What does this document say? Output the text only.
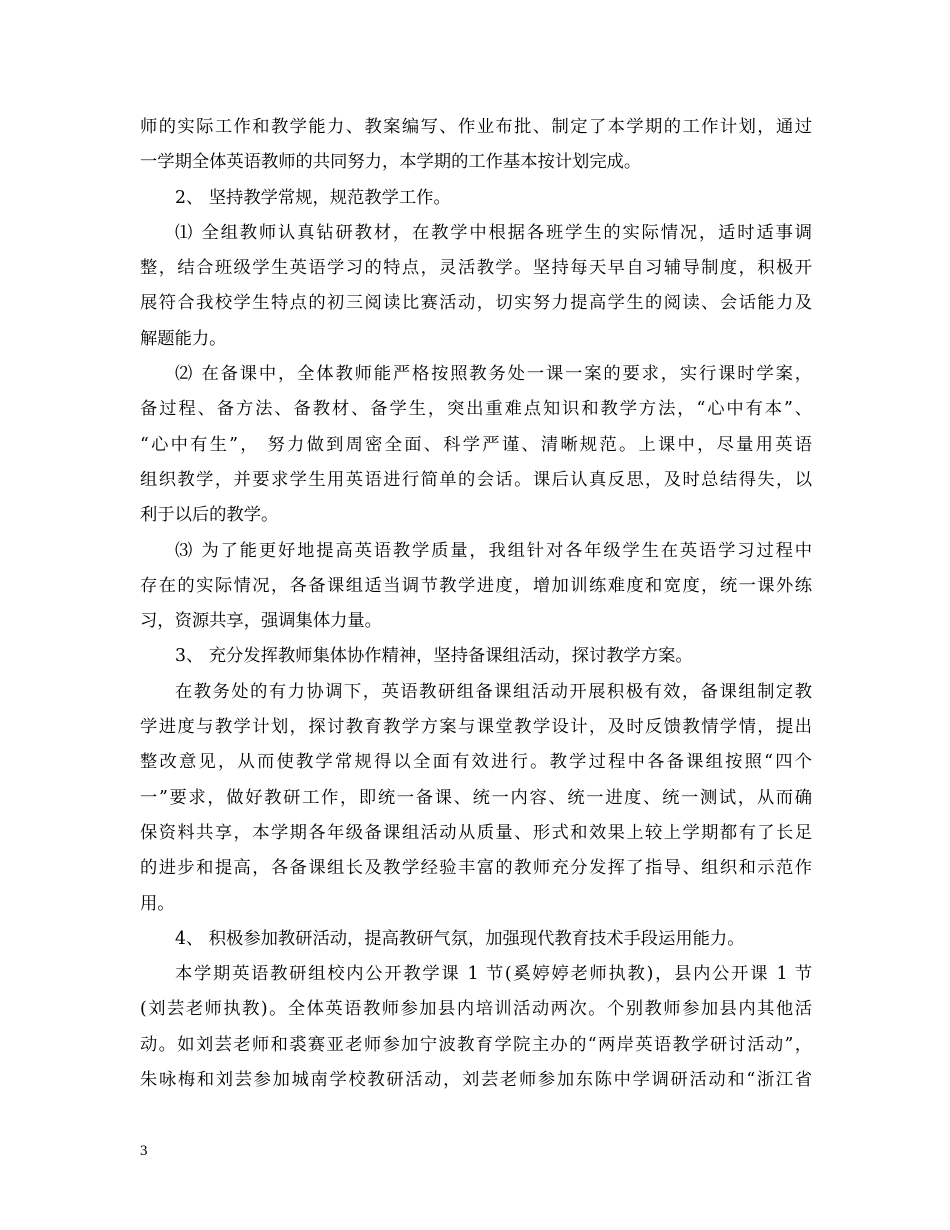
师的实际工作和教学能力、教案编写、作业布批、制定了本学期的工作计划，通过
一学期全体英语教师的共同努力，本学期的工作基本按计划完成。
2、 坚持教学常规，规范教学工作。
⑴ 全组教师认真钻研教材，在教学中根据各班学生的实际情况，适时适事调
整，结合班级学生英语学习的特点，灵活教学。坚持每天早自习辅导制度，积极开
展符合我校学生特点的初三阅读比赛活动，切实努力提高学生的阅读、会话能力及
解题能力。
⑵ 在备课中，全体教师能严格按照教务处一课一案的要求，实行课时学案，
备过程、备方法、备教材、备学生，突出重难点知识和教学方法，“心中有本”、
“心中有生”， 努力做到周密全面、科学严谨、清晰规范。上课中，尽量用英语
组织教学，并要求学生用英语进行简单的会话。课后认真反思，及时总结得失，以
利于以后的教学。
⑶ 为了能更好地提高英语教学质量，我组针对各年级学生在英语学习过程中
存在的实际情况，各备课组适当调节教学进度，增加训练难度和宽度，统一课外练
习，资源共享，强调集体力量。
3、 充分发挥教师集体协作精神，坚持备课组活动，探讨教学方案。
在教务处的有力协调下，英语教研组备课组活动开展积极有效，备课组制定教
学进度与教学计划，探讨教育教学方案与课堂教学设计，及时反馈教情学情，提出
整改意见，从而使教学常规得以全面有效进行。教学过程中各备课组按照“四个
一”要求，做好教研工作，即统一备课、统一内容、统一进度、统一测试，从而确
保资料共享，本学期各年级备课组活动从质量、形式和效果上较上学期都有了长足
的进步和提高，各备课组长及教学经验丰富的教师充分发挥了指导、组织和示范作
用。
4、 积极参加教研活动，提高教研气氛，加强现代教育技术手段运用能力。
本学期英语教研组校内公开教学课 1 节(奚婷婷老师执教)，县内公开课 1 节
(刘芸老师执教)。全体英语教师参加县内培训活动两次。个别教师参加县内其他活
动。如刘芸老师和裘赛亚老师参加宁波教育学院主办的“两岸英语教学研讨活动”，
朱咏梅和刘芸参加城南学校教研活动，刘芸老师参加东陈中学调研活动和“浙江省
3
